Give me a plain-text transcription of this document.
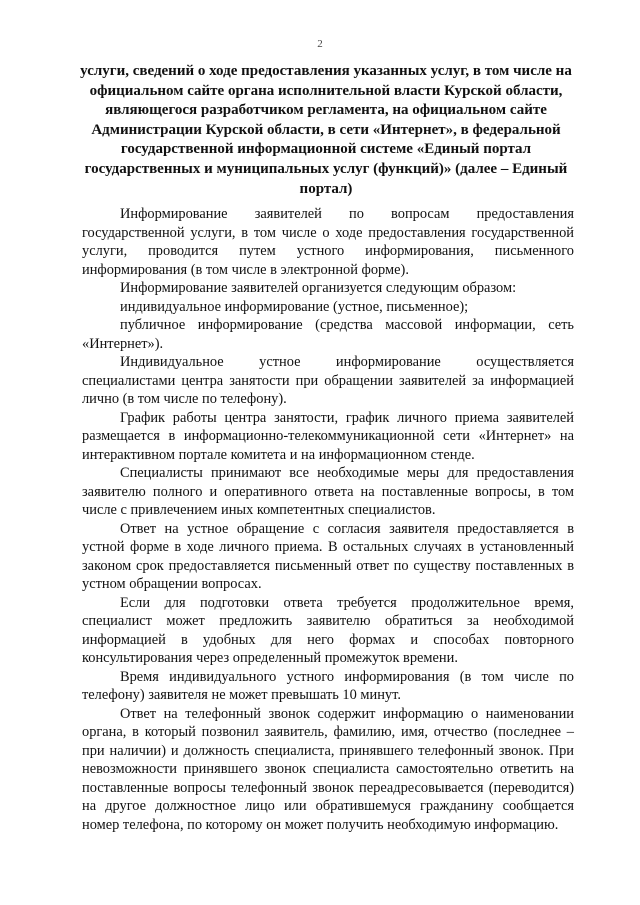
2
услуги, сведений о ходе предоставления указанных услуг, в том числе на официальном сайте органа исполнительной власти Курской области, являющегося разработчиком регламента, на официальном сайте Администрации Курской области, в сети «Интернет», в федеральной государственной информационной системе «Единый портал государственных и муниципальных услуг (функций)» (далее – Единый портал)

Информирование заявителей по вопросам предоставления государственной услуги, в том числе о ходе предоставления государственной услуги, проводится путем устного информирования, письменного информирования (в том числе в электронной форме).

Информирование заявителей организуется следующим образом:

индивидуальное информирование (устное, письменное);

публичное информирование (средства массовой информации, сеть «Интернет»).

Индивидуальное устное информирование осуществляется специалистами центра занятости при обращении заявителей за информацией лично (в том числе по телефону).

График работы центра занятости, график личного приема заявителей размещается в информационно-телекоммуникационной сети «Интернет» на интерактивном портале комитета и на информационном стенде.

Специалисты принимают все необходимые меры для предоставления заявителю полного и оперативного ответа на поставленные вопросы, в том числе с привлечением иных компетентных специалистов.

Ответ на устное обращение с согласия заявителя предоставляется в устной форме в ходе личного приема. В остальных случаях в установленный законом срок предоставляется письменный ответ по существу поставленных в устном обращении вопросах.

Если для подготовки ответа требуется продолжительное время, специалист может предложить заявителю обратиться за необходимой информацией в удобных для него формах и способах повторного консультирования через определенный промежуток времени.

Время индивидуального устного информирования (в том числе по телефону) заявителя не может превышать 10 минут.

Ответ на телефонный звонок содержит информацию о наименовании органа, в который позвонил заявитель, фамилию, имя, отчество (последнее – при наличии) и должность специалиста, принявшего телефонный звонок. При невозможности принявшего звонок специалиста самостоятельно ответить на поставленные вопросы телефонный звонок переадресовывается (переводится) на другое должностное лицо или обратившемуся гражданину сообщается номер телефона, по которому он может получить необходимую информацию.
